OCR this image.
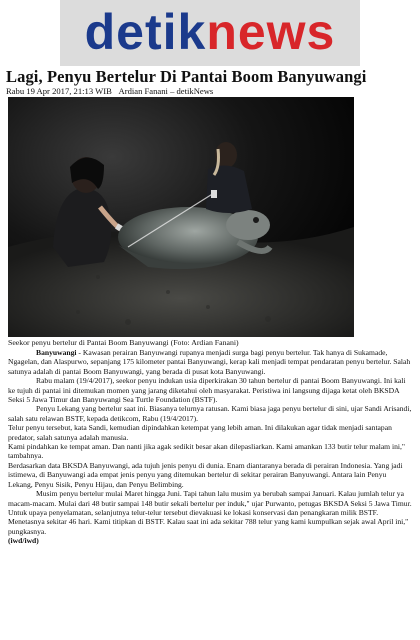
detiknews
Lagi, Penyu Bertelur Di Pantai Boom Banyuwangi
Rabu 19 Apr 2017, 21:13 WIB Ardian Fanani – detikNews
Seekor penyu bertelur di Pantai Boom Banyuwangi (Foto: Ardian Fanani)

Banyuwangi - Kawasan perairan Banyuwangi rupanya menjadi surga bagi penyu bertelur. Tak hanya di Sukamade, Ngagelan, dan Alaspurwo, sepanjang 175 kilometer pantai Banyuwangi, kerap kali menjadi tempat pendaratan penyu bertelur. Salah satunya adalah di pantai Boom Banyuwangi, yang berada di pusat kota Banyuwangi.

Rabu malam (19/4/2017), seekor penyu indukan usia diperkirakan 30 tahun bertelur di pantai Boom Banyuwangi. Ini kali ke tujuh di pantai ini ditemukan momen yang jarang diketahui oleh masyarakat. Peristiwa ini langsung dijaga ketat oleh BKSDA Seksi 5 Jawa Timur dan Banyuwangi Sea Turtle Foundation (BSTF).

Penyu Lekang yang bertelur saat ini. Biasanya telurnya ratusan. Kami biasa jaga penyu bertelur di sini, ujar Sandi Arisandi, salah satu relawan BSTF, kepada detikcom, Rabu (19/4/2017).

Telur penyu tersebut, kata Sandi, kemudian dipindahkan ketempat yang lebih aman. Ini dilakukan agar tidak menjadi santapan predator, salah satunya adalah manusia.

Kami pindahkan ke tempat aman. Dan nanti jika agak sedikit besar akan dilepasliarkan. Kami amankan 133 butir telur malam ini," tambahnya.

Berdasarkan data BKSDA Banyuwangi, ada tujuh jenis penyu di dunia. Enam diantaranya berada di perairan Indonesia. Yang jadi istimewa, di Banyuwangi ada empat jenis penyu yang ditemukan bertelur di sekitar perairan Banyuwangi. Antara lain Penyu Lekang, Penyu Sisik, Penyu Hijau, dan Penyu Belimbing.

Musim penyu bertelur mulai Maret hingga Juni. Tapi tahun lalu musim ya berubah sampai Januari. Kalau jumlah telur ya macam-macam. Mulai dari 48 butir sampai 148 butir sekali bertelur per induk," ujar Purwanto, petugas BKSDA Seksi 5 Jawa Timur.

Untuk upaya penyelamatan, selanjutnya telur-telur tersebut dievakuasi ke lokasi konservasi dan penangkaran milik BSTF.

Menetasnya sekitar 46 hari. Kami titipkan di BSTF. Kalau saat ini ada sekitar 788 telur yang kami kumpulkan sejak awal April ini," pungkasnya.

(iwd/iwd)
